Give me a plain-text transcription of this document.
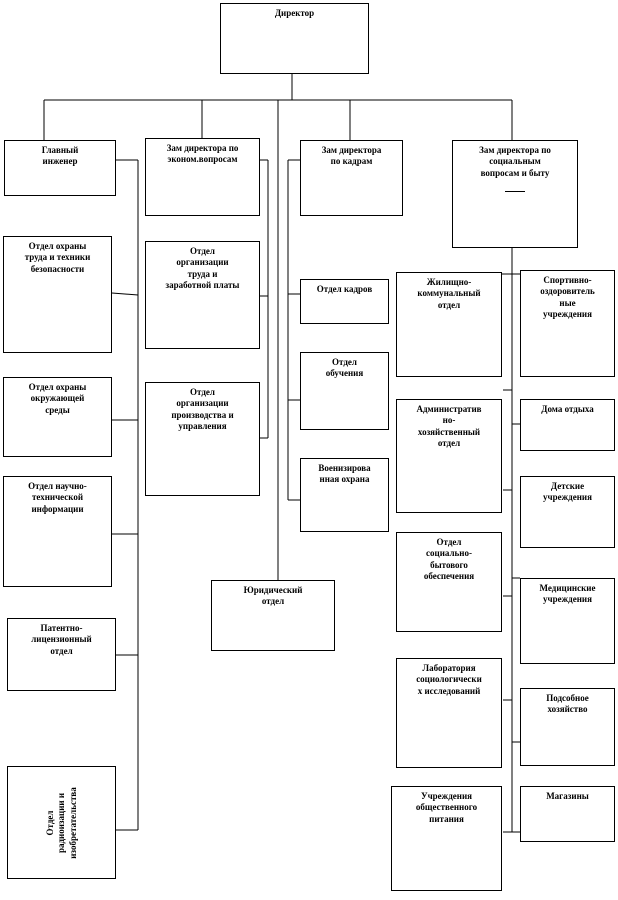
Директор
Главный
инженер
Зам директора по
эконом.вопросам
Зам директора
по кадрам
Зам директора по
социальным
вопросам и быту
Отдел охраны
труда и техники
безопасности
Отдел охраны
окружающей
среды
Отдел научно-
технической
информации
Патентно-
лицензионный
отдел
Отдел
радиоизации и
изобретательства
Отдел
организации
труда и
заработной платы
Отдел
организации
производства и
управления
Юридический
отдел
Отдел кадров
Отдел
обучения
Военизирова
нная охрана
Жилищно-
коммунальный
отдел
Административ
но-
хозяйственный
отдел
Отдел
социально-
бытового
обеспечения
Лаборатория
социологически
х исследований
Учреждения
общественного
питания
Спортивно-
оздоровитель
ные
учреждения
Дома отдыха
Детские
учреждения
Медицинские
учреждения
Подсобное
хозяйство
Магазины
